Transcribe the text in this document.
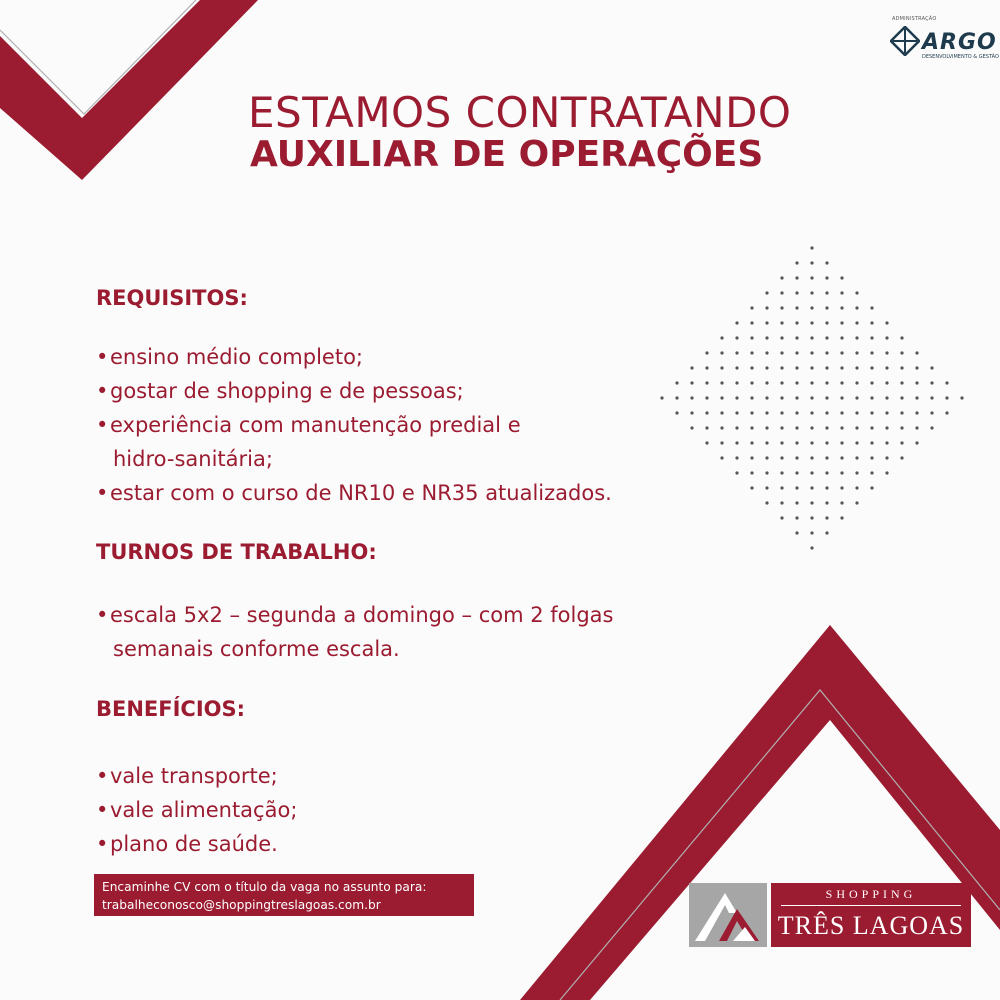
ADMINISTRAÇÃO
ARGO
DESENVOLVIMENTO & GESTÃO
ESTAMOS CONTRATANDO
AUXILIAR DE OPERAÇÕES
REQUISITOS:
• ensino médio completo;
• gostar de shopping e de pessoas;
• experiência com manutenção predial e
hidro-sanitária;
• estar com o curso de NR10 e NR35 atualizados.
TURNOS DE TRABALHO:
• escala 5x2 – segunda a domingo – com 2 folgas
semanais conforme escala.
BENEFÍCIOS:
• vale transporte;
• vale alimentação;
• plano de saúde.
Encaminhe CV com o título da vaga no assunto para:
trabalheconosco@shoppingtreslagoas.com.br
SHOPPING
TRÊS LAGOAS
